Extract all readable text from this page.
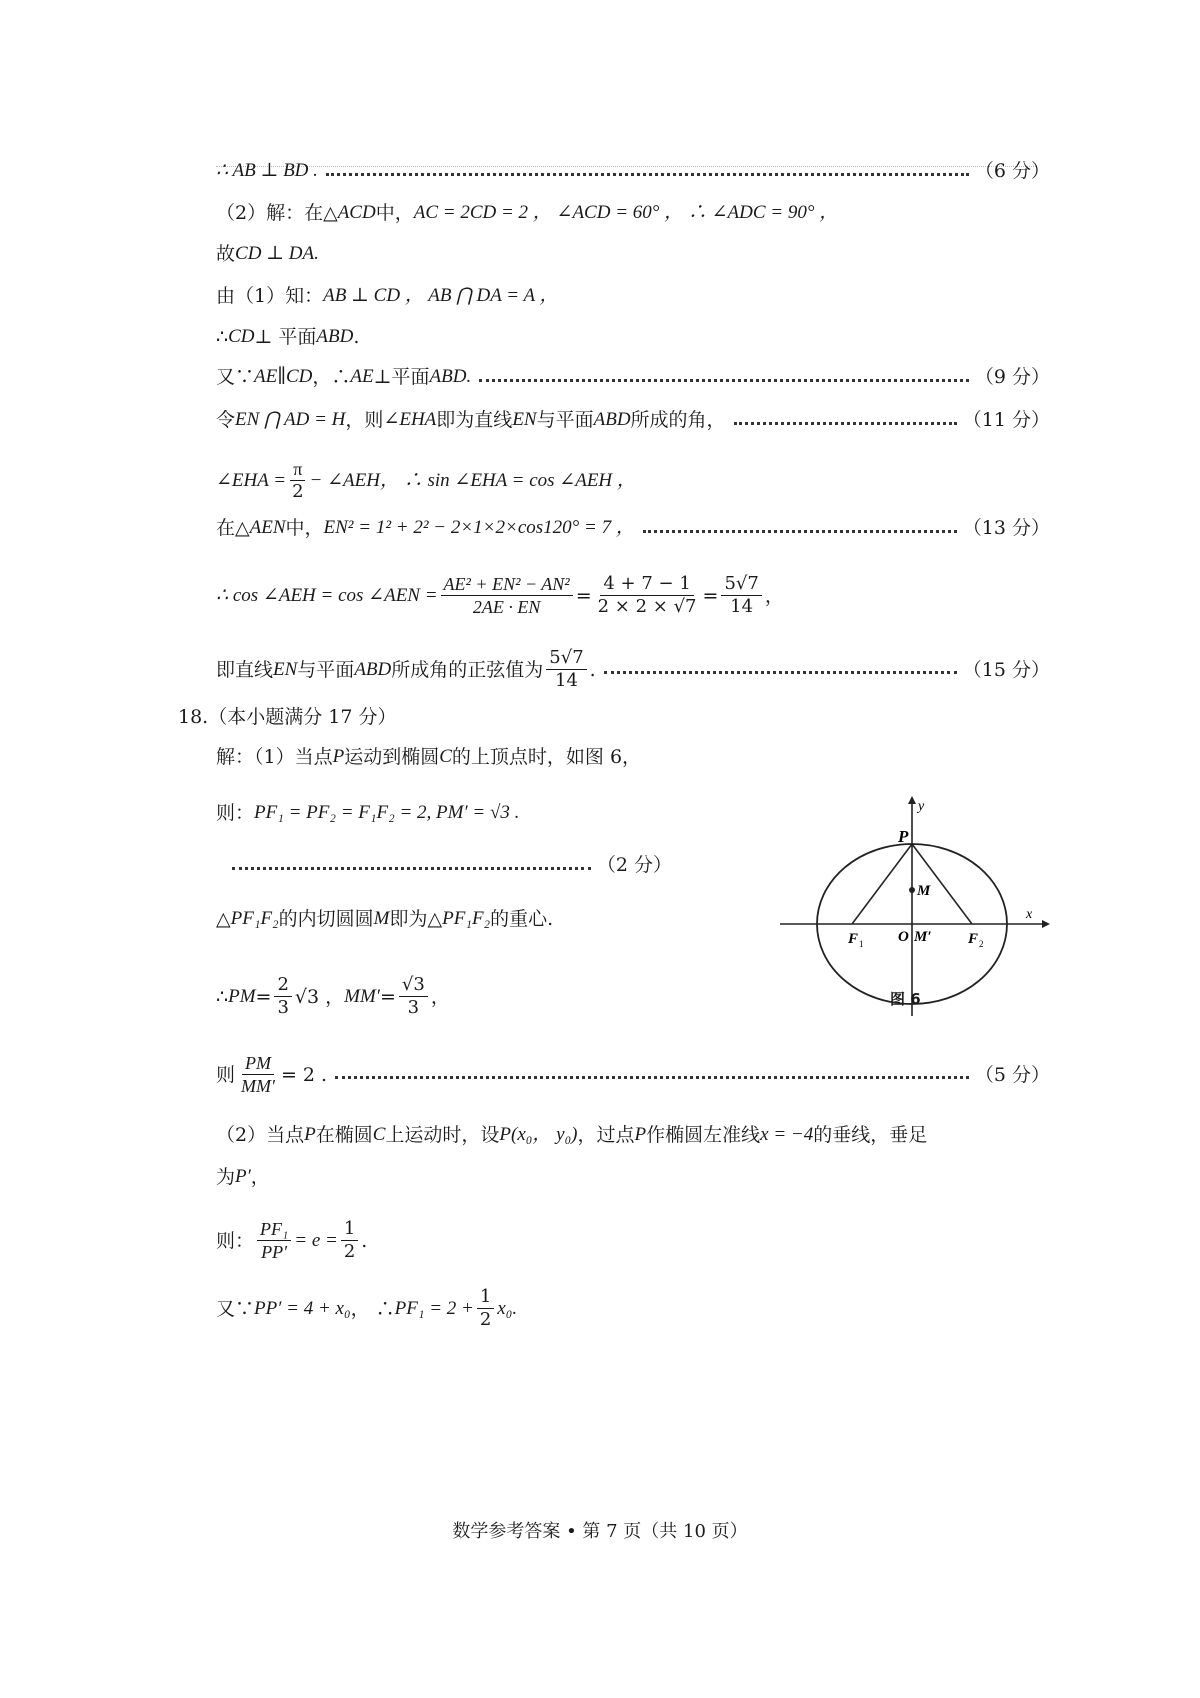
∴ AB ⊥ BD .	（6 分）
（2）解：在△ ACD 中， AC = 2CD = 2 ， ∠ACD = 60° ， ∴ ∠ADC = 90° ，
故 CD ⊥ DA.
由（1）知： AB ⊥ CD ， AB ⋂ DA = A ，
∴ CD ⊥ 平面 ABD .
又∵ AE∥CD ，∴ AE ⊥平面 ABD.	（9 分）
令 EN ⋂ AD = H ，则 ∠EHA 即为直线 EN 与平面 ABD 所成的角，	（11 分）
∠EHA = $\frac{\pi}{2}$ − ∠AEH， ∴ sin ∠EHA = cos ∠AEH ，
在△ AEN 中， EN² = 1² + 2² − 2×1×2×cos120° = 7 ，	（13 分）
∴ cos ∠AEH = cos ∠AEN = $\frac{\text{AE² + EN² − AN²}}{2AE \cdot EN} = \frac{4 + 7 - 1}{2 \times 2 \times √7} = \frac{5√7}{14}$ ，
即直线 EN 与平面 ABD 所成角的正弦值为 $\frac{5√7}{14}$ .	（15 分）
18. （本小题满分 17 分）
解：（1）当点 P 运动到椭圆 C 的上顶点时，如图 6，
则： PF₁ = PF₂ = F₁F₂ = 2, PM′ = √3 .
（2 分）
△ PF₁F₂ 的内切圆圆 M 即为△ PF₁F₂ 的重心.
∴ PM = $\frac{2}{3} √3$ ， $MM' = \frac{√3}{3}$ ，
则 $\frac{PM}{MM'} = 2$ .	（5 分）
（2）当点 P 在椭圆 C 上运动时，设 P(x₀， y₀) ，过点 P 作椭圆左准线 x = −4 的垂线，垂足
为 P′ ，
则： $\frac{\text{PF₁}}{PP'} = e = \frac{1}{2}$ .
又∵ PP′ = 4 + x₀ ， ∴ $PF_1 = 2 + \frac{1}{2} x_0$.
P
y
M
F 1 O M′ F 2
x
图 6
数学参考答案 • 第 7 页（共 10 页）
